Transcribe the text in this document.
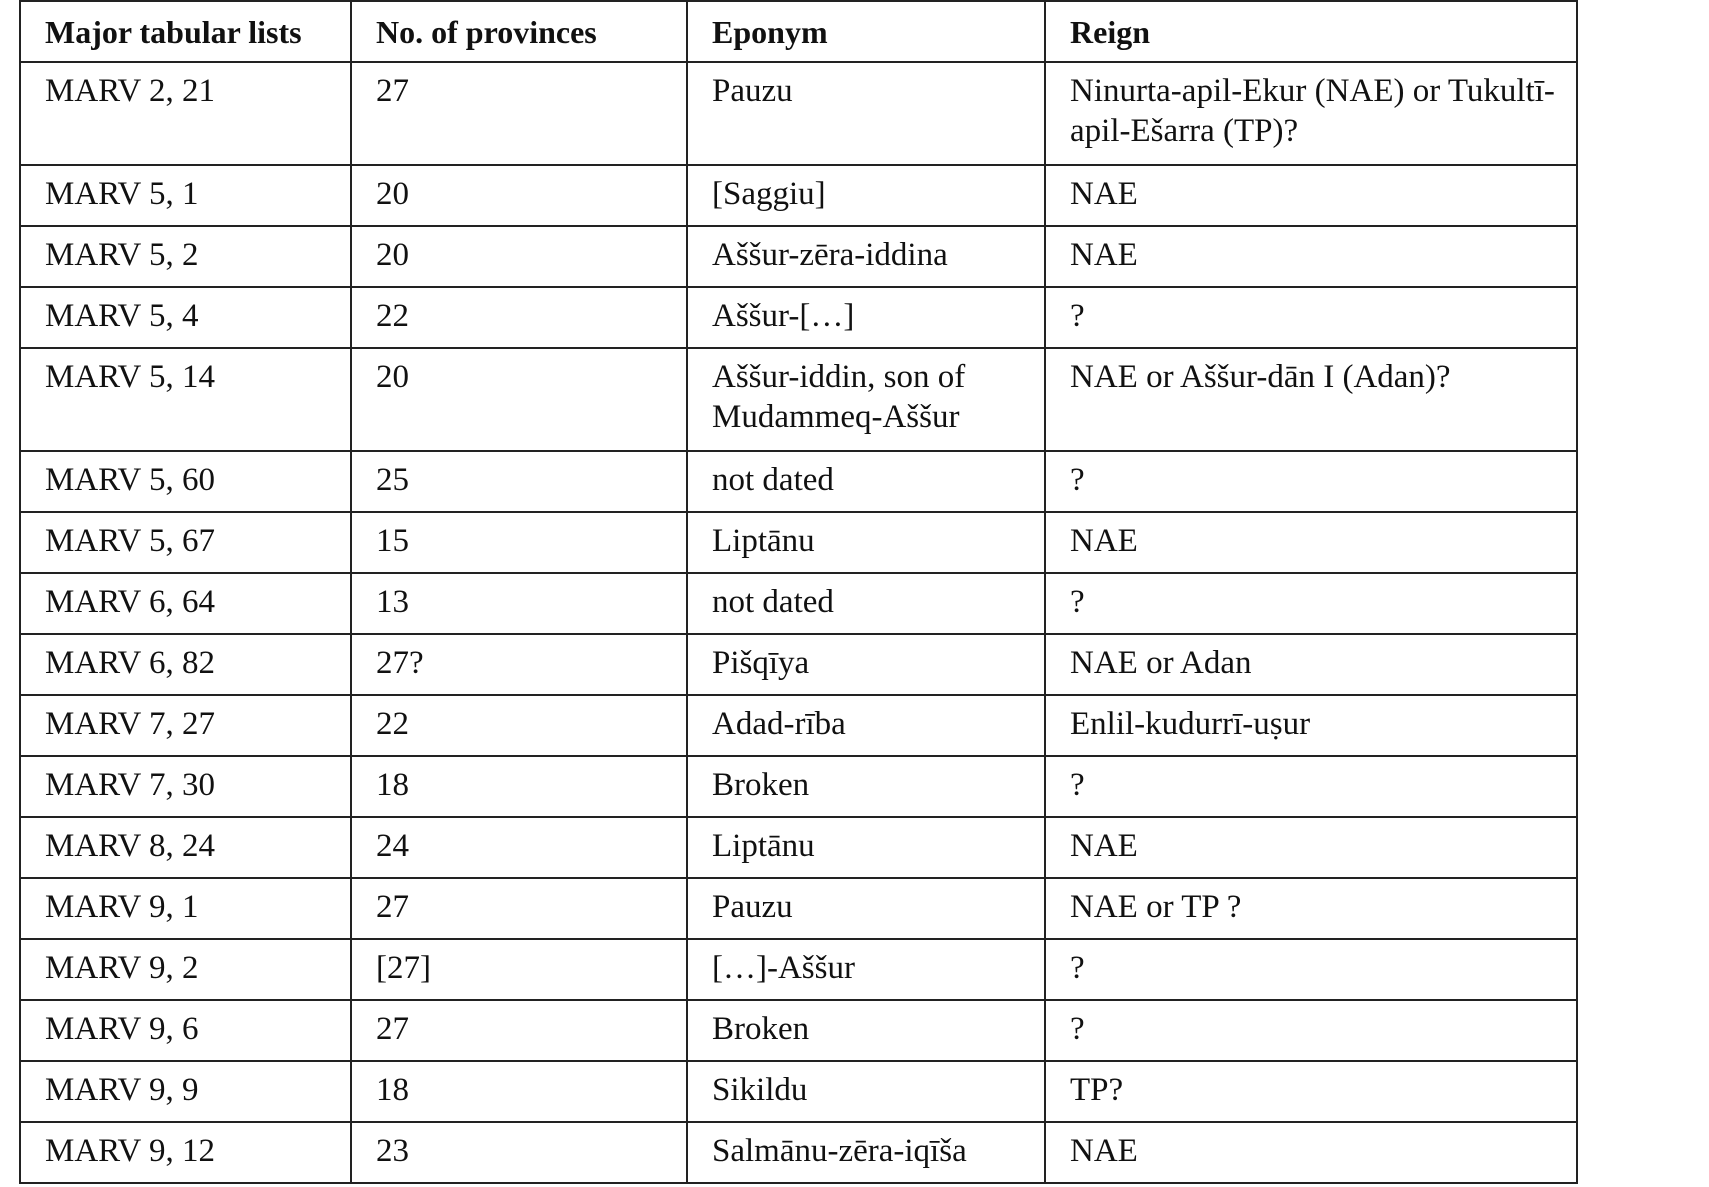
Major tabular lists	No. of provinces	Eponym	Reign
MARV 2, 21	27	Pauzu	Ninurta-apil-Ekur (NAE) or Tukultī-apil-Ešarra (TP)?
MARV 5, 1	20	[Saggiu]	NAE
MARV 5, 2	20	Aššur-zēra-iddina	NAE
MARV 5, 4	22	Aššur-[…]	?
MARV 5, 14	20	Aššur-iddin, son of Mudammeq-Aššur	NAE or Aššur-dān I (Adan)?
MARV 5, 60	25	not dated	?
MARV 5, 67	15	Liptānu	NAE
MARV 6, 64	13	not dated	?
MARV 6, 82	27?	Pišqīya	NAE or Adan
MARV 7, 27	22	Adad-rība	Enlil-kudurrī-uṣur
MARV 7, 30	18	Broken	?
MARV 8, 24	24	Liptānu	NAE
MARV 9, 1	27	Pauzu	NAE or TP ?
MARV 9, 2	[27]	[…]-Aššur	?
MARV 9, 6	27	Broken	?
MARV 9, 9	18	Sikildu	TP?
MARV 9, 12	23	Salmānu-zēra-iqīša	NAE
